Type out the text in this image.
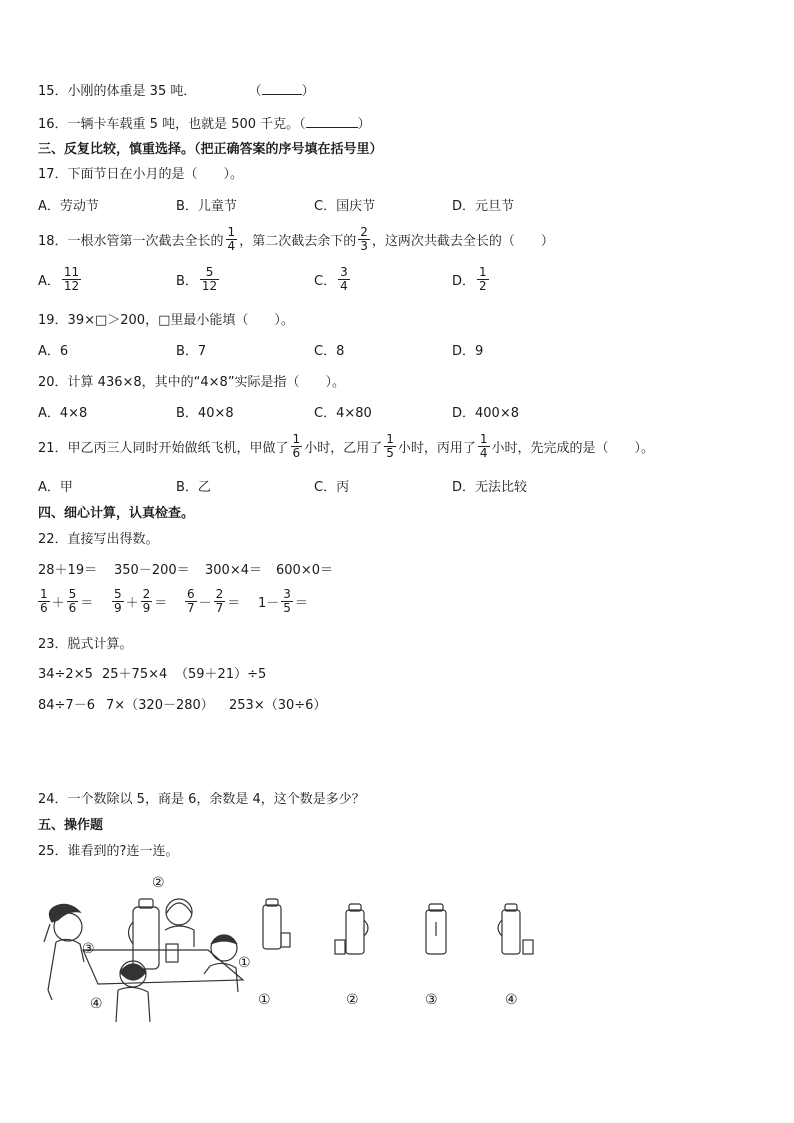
15．小刚的体重是 35 吨．	（	）
16．一辆卡车载重 5 吨，也就是 500 千克。（	）
三、反复比较，慎重选择。（把正确答案的序号填在括号里）
17．下面节日在小月的是（　　）。
A．劳动节	B．儿童节	C．国庆节	D．元旦节
18．一根水管第一次截去全长的 $\frac{1}{4}$ ，第二次截去余下的 $\frac{2}{3}$ ，这两次共截去全长的（　　）
A． $\frac{11}{12}$	B． $\frac{5}{12}$	C． $\frac{3}{4}$	D． $\frac{1}{2}$
19．39×□＞200，□里最小能填（　　）。
A．6	B．7	C．8	D．9
20．计算 436×8，其中的“4×8”实际是指（　　）。
A．4×8	B．40×8	C．4×80	D．400×8
21．甲乙丙三人同时开始做纸飞机，甲做了 $\frac{1}{6}$ 小时，乙用了 $\frac{1}{5}$ 小时，丙用了 $\frac{1}{4}$ 小时，先完成的是（　　）。
A．甲	B．乙	C．丙	D．无法比较
四、细心计算，认真检查。
22．直接写出得数。
28＋19＝ 350－200＝ 300×4＝ 600×0＝
$\frac{1}{6} + \frac{5}{6} = \frac{5}{9} + \frac{2}{9} = \frac{6}{7} - \frac{2}{7} = 1- \frac{3}{5}$ ＝
23．脱式计算。
34÷2×5 25＋75×4 （59＋21）÷5
84÷7－6 7×（320－280） 253×（30÷6）
24．一个数除以 5，商是 6，余数是 4，这个数是多少？
五、操作题
25．谁看到的?连一连。
②
③
①
④	①	②	③	④
